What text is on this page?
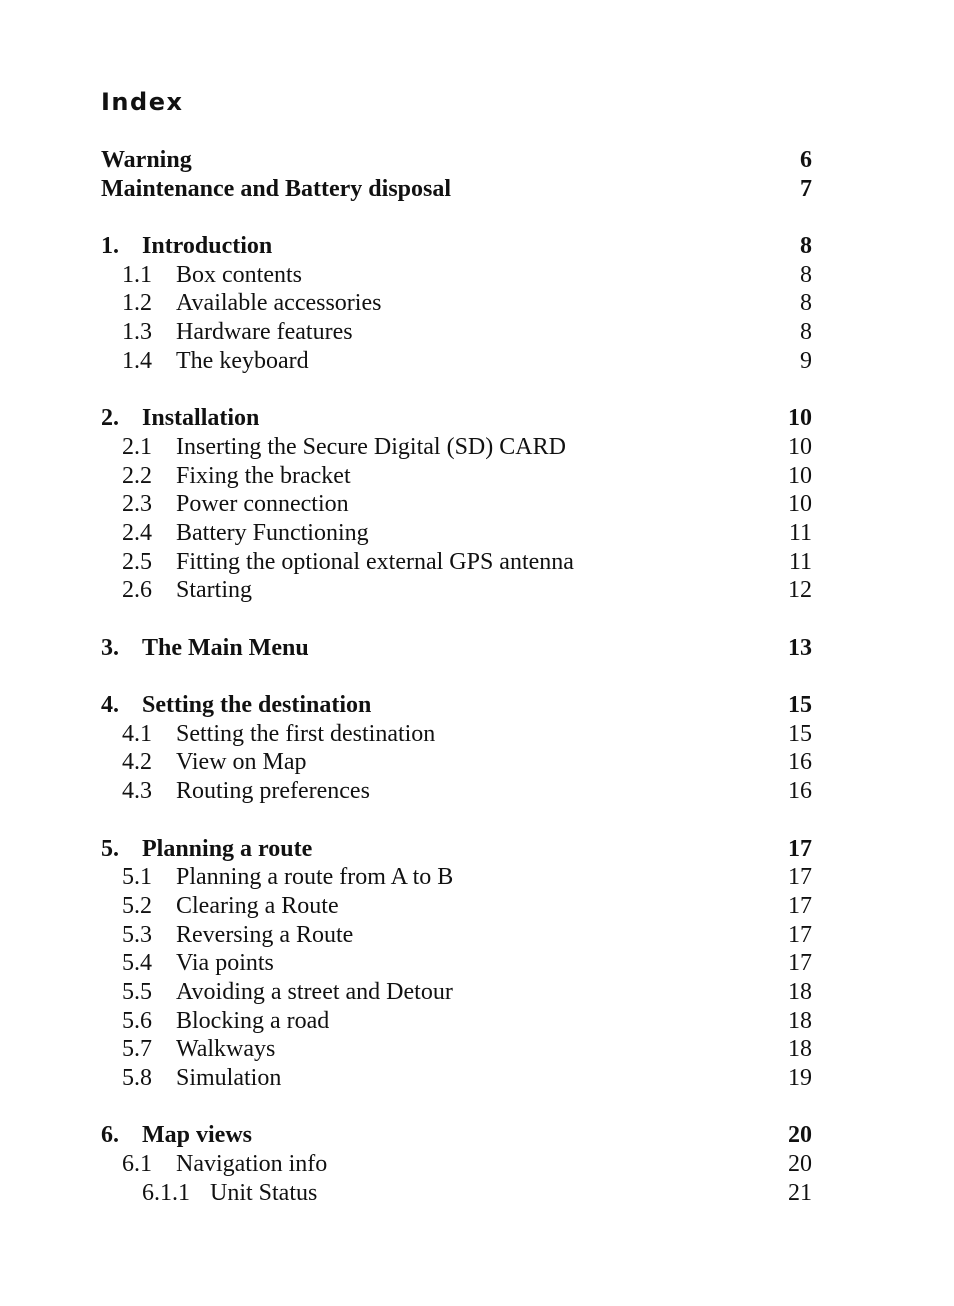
Index
Warning	6
Maintenance and Battery disposal	7
1. Introduction	8
1.1 Box contents	8
1.2 Available accessories	8
1.3 Hardware features	8
1.4 The keyboard	9
2. Installation	10
2.1 Inserting the Secure Digital (SD) CARD	10
2.2 Fixing the bracket	10
2.3 Power connection	10
2.4 Battery Functioning	11
2.5 Fitting the optional external GPS antenna	11
2.6 Starting	12
3. The Main Menu	13
4. Setting the destination	15
4.1 Setting the first destination	15
4.2 View on Map	16
4.3 Routing preferences	16
5. Planning a route	17
5.1 Planning a route from A to B	17
5.2 Clearing a Route	17
5.3 Reversing a Route	17
5.4 Via points	17
5.5 Avoiding a street and Detour	18
5.6 Blocking a road	18
5.7 Walkways	18
5.8 Simulation	19
6. Map views	20
6.1 Navigation info	20
6.1.1 Unit Status	21
